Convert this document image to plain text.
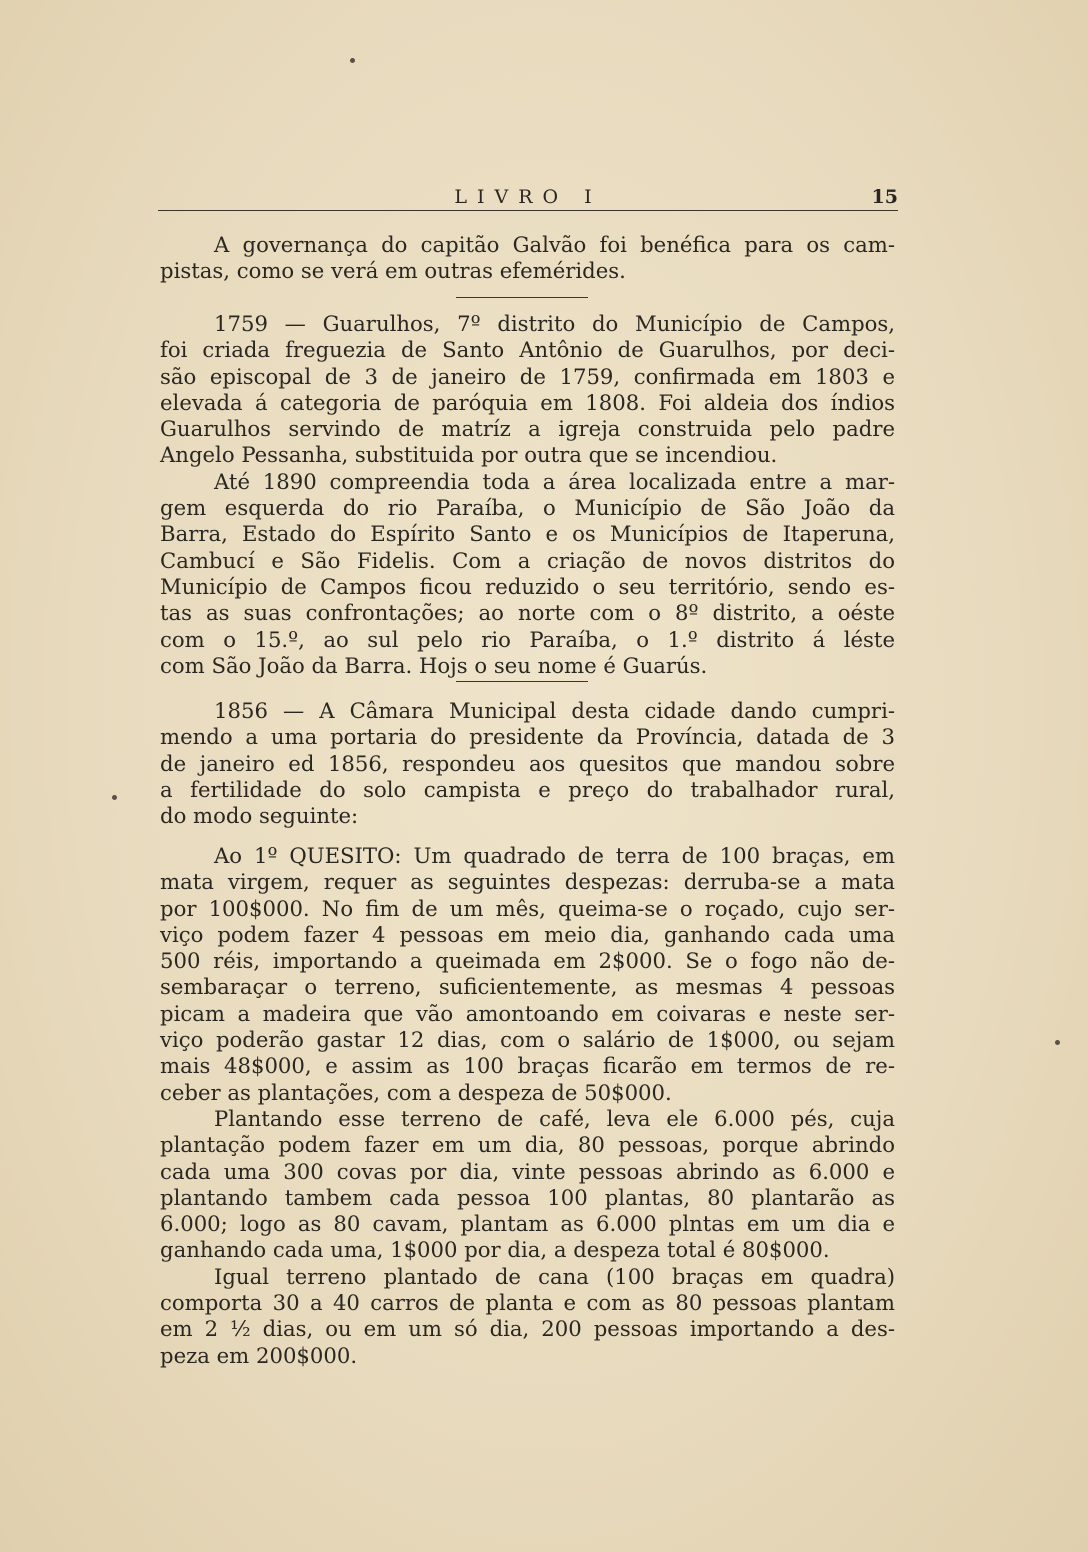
LIVRO I	15
A governança do capitão Galvão foi benéfica para os cam-
pistas, como se verá em outras efemérides.
1759 — Guarulhos, 7º distrito do Município de Campos,
foi criada freguezia de Santo Antônio de Guarulhos, por deci-
são episcopal de 3 de janeiro de 1759, confirmada em 1803 e
elevada á categoria de paróquia em 1808. Foi aldeia dos índios
Guarulhos servindo de matríz a igreja construida pelo padre
Angelo Pessanha, substituida por outra que se incendiou.
Até 1890 compreendia toda a área localizada entre a mar-
gem esquerda do rio Paraíba, o Município de São João da
Barra, Estado do Espírito Santo e os Municípios de Itaperuna,
Cambucí e São Fidelis. Com a criação de novos distritos do
Município de Campos ficou reduzido o seu território, sendo es-
tas as suas confrontações; ao norte com o 8º distrito, a oéste
com o 15.º, ao sul pelo rio Paraíba, o 1.º distrito á léste
com São João da Barra. Hojs o seu nome é Guarús.
1856 — A Câmara Municipal desta cidade dando cumpri-
mendo a uma portaria do presidente da Província, datada de 3
de janeiro ed 1856, respondeu aos quesitos que mandou sobre
a fertilidade do solo campista e preço do trabalhador rural,
do modo seguinte:
Ao 1º QUESITO: Um quadrado de terra de 100 braças, em
mata virgem, requer as seguintes despezas: derruba-se a mata
por 100$000. No fim de um mês, queima-se o roçado, cujo ser-
viço podem fazer 4 pessoas em meio dia, ganhando cada uma
500 réis, importando a queimada em 2$000. Se o fogo não de-
sembaraçar o terreno, suficientemente, as mesmas 4 pessoas
picam a madeira que vão amontoando em coivaras e neste ser-
viço poderão gastar 12 dias, com o salário de 1$000, ou sejam
mais 48$000, e assim as 100 braças ficarão em termos de re-
ceber as plantações, com a despeza de 50$000.
Plantando esse terreno de café, leva ele 6.000 pés, cuja
plantação podem fazer em um dia, 80 pessoas, porque abrindo
cada uma 300 covas por dia, vinte pessoas abrindo as 6.000 e
plantando tambem cada pessoa 100 plantas, 80 plantarão as
6.000; logo as 80 cavam, plantam as 6.000 plntas em um dia e
ganhando cada uma, 1$000 por dia, a despeza total é 80$000.
Igual terreno plantado de cana (100 braças em quadra)
comporta 30 a 40 carros de planta e com as 80 pessoas plantam
em 2 ½ dias, ou em um só dia, 200 pessoas importando a des-
peza em 200$000.
